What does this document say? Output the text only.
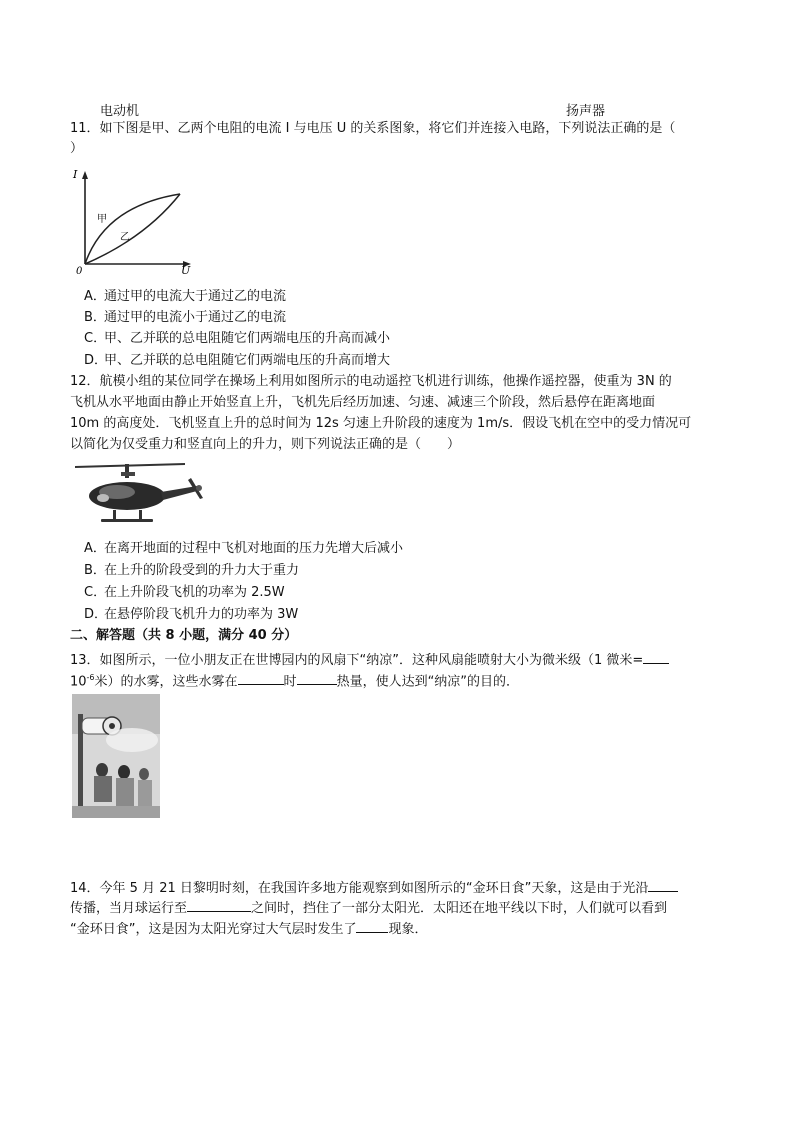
电动机	扬声器
11．如下图是甲、乙两个电阻的电流 I 与电压 U 的关系图象，将它们并连接入电路，下列说法正确的是（
）
I
U
0
甲
乙
A．通过甲的电流大于通过乙的电流
B．通过甲的电流小于通过乙的电流
C．甲、乙并联的总电阻随它们两端电压的升高而减小
D．甲、乙并联的总电阻随它们两端电压的升高而增大
12．航模小组的某位同学在操场上利用如图所示的电动遥控飞机进行训练，他操作遥控器，使重为 3N 的
飞机从水平地面由静止开始竖直上升，飞机先后经历加速、匀速、减速三个阶段，然后悬停在距离地面
10m 的高度处．飞机竖直上升的总时间为 12s 匀速上升阶段的速度为 1m/s．假设飞机在空中的受力情况可
以简化为仅受重力和竖直向上的升力，则下列说法正确的是（　　）
A．在离开地面的过程中飞机对地面的压力先增大后减小
B．在上升的阶段受到的升力大于重力
C．在上升阶段飞机的功率为 2.5W
D．在悬停阶段飞机升力的功率为 3W
二、解答题（共 8 小题，满分 40 分）
13．如图所示，一位小朋友正在世博园内的风扇下“纳凉”．这种风扇能喷射大小为微米级（1 微米=
$10^{-6}$米）的水雾，这些水雾在	时	热量，使人达到“纳凉”的目的．
14．今年 5 月 21 日黎明时刻，在我国许多地方能观察到如图所示的“金环日食”天象，这是由于光沿
传播，当月球运行至	之间时，挡住了一部分太阳光．太阳还在地平线以下时，人们就可以看到
“金环日食”，这是因为太阳光穿过大气层时发生了 现象．
